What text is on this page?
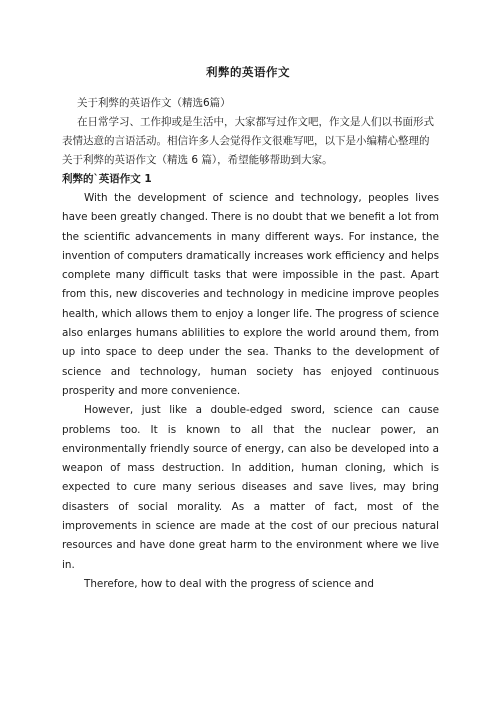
利弊的英语作文

关于利弊的英语作文（精选6篇）

在日常学习、工作抑或是生活中，大家都写过作文吧，作文是人们以书面形式表情达意的言语活动。相信许多人会觉得作文很难写吧，以下是小编精心整理的关于利弊的英语作文（精选 6 篇），希望能够帮助到大家。

利弊的`英语作文 1

With the development of science and technology, peoples lives have been greatly changed. There is no doubt that we benefit a lot from the scientific advancements in many different ways. For instance, the invention of computers dramatically increases work efficiency and helps complete many difficult tasks that were impossible in the past. Apart from this, new discoveries and technology in medicine improve peoples health, which allows them to enjoy a longer life. The progress of science also enlarges humans ablilities to explore the world around them, from up into space to deep under the sea. Thanks to the development of science and technology, human society has enjoyed continuous prosperity and more convenience.

However, just like a double-edged sword, science can cause problems too. It is known to all that the nuclear power, an environmentally friendly source of energy, can also be developed into a weapon of mass destruction. In addition, human cloning, which is expected to cure many serious diseases and save lives, may bring disasters of social morality. As a matter of fact, most of the improvements in science are made at the cost of our precious natural resources and have done great harm to the environment where we live in.

Therefore, how to deal with the progress of science and
